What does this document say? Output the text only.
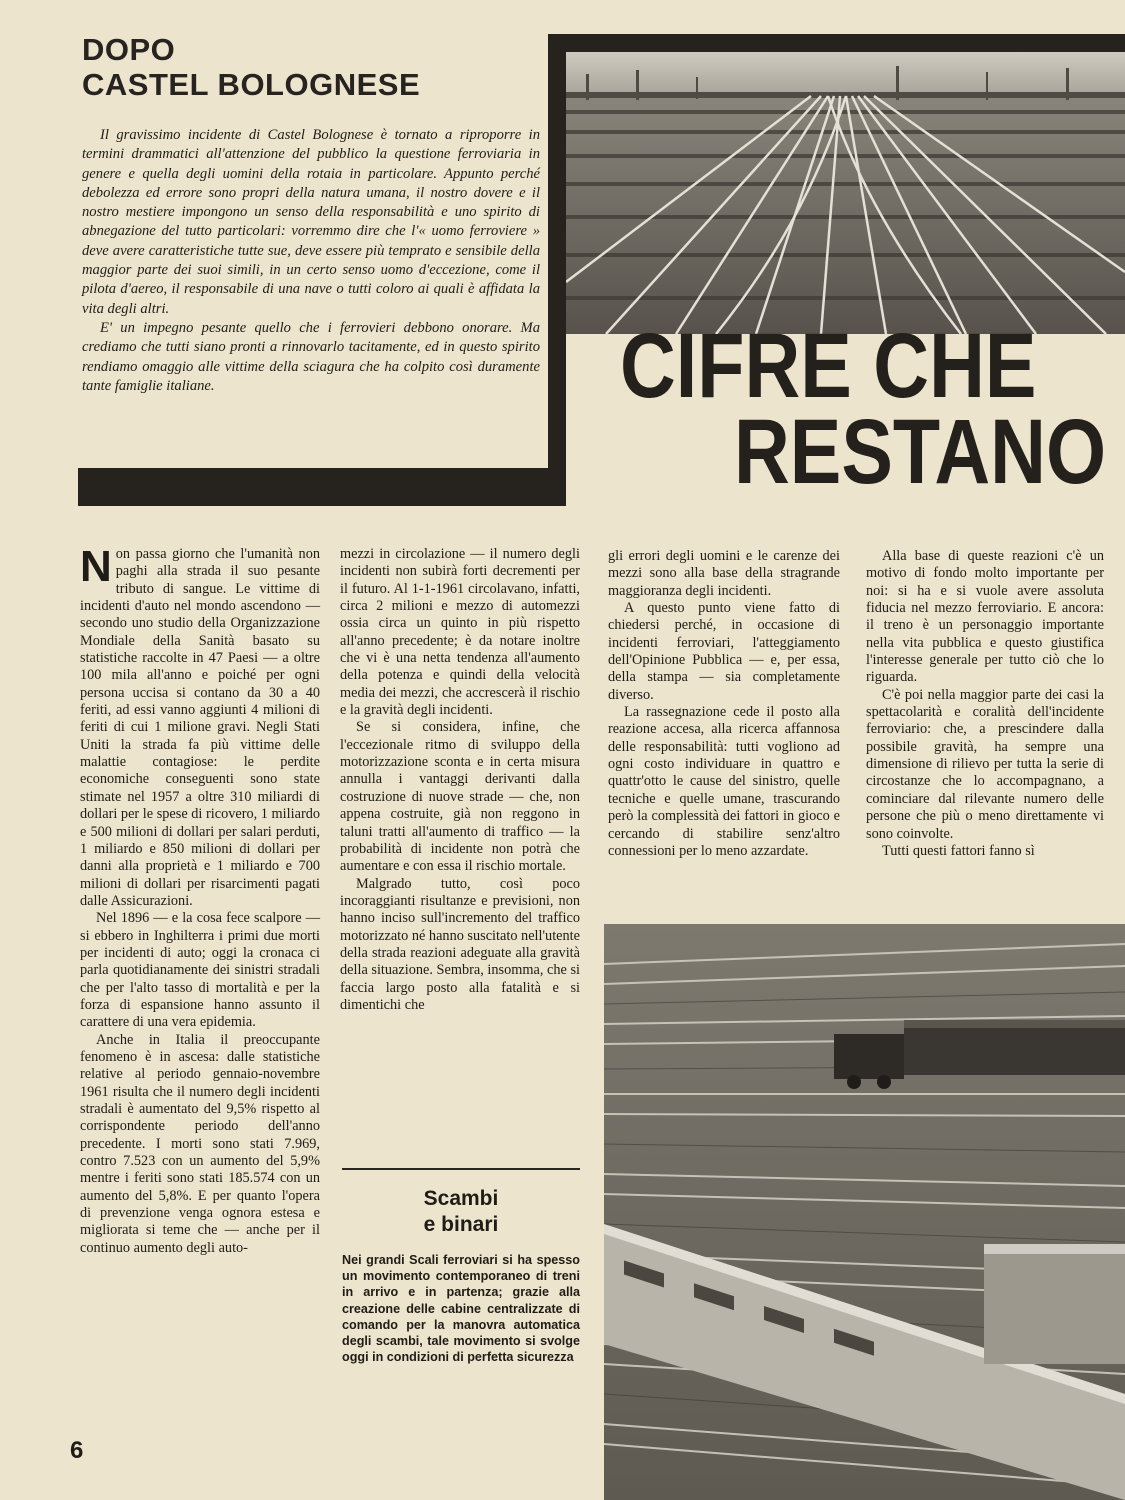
DOPO
CASTEL BOLOGNESE

Il gravissimo incidente di Castel Bolognese è tornato a riproporre in termini drammatici all'attenzione del pubblico la questione ferroviaria in genere e quella degli uomini della rotaia in particolare. Appunto perché debolezza ed errore sono propri della natura umana, il nostro dovere e il nostro mestiere impongono un senso della responsabilità e uno spirito di abnegazione del tutto particolari: vorremmo dire che l'« uomo ferroviere » deve avere caratteristiche tutte sue, deve essere più temprato e sensibile della maggior parte dei suoi simili, in un certo senso uomo d'eccezione, come il pilota d'aereo, il responsabile di una nave o tutti coloro ai quali è affidata la vita degli altri.

E' un impegno pesante quello che i ferrovieri debbono onorare. Ma crediamo che tutti siano pronti a rinnovarlo tacitamente, ed in questo spirito rendiamo omaggio alle vittime della sciagura che ha colpito così duramente tante famiglie italiane.	CIFRE CHE
RESTANO

Non passa giorno che l'umanità non paghi alla strada il suo pesante tributo di sangue. Le vittime di incidenti d'auto nel mondo ascendono — secondo uno studio della Organizzazione Mondiale della Sanità basato su statistiche raccolte in 47 Paesi — a oltre 100 mila all'anno e poiché per ogni persona uccisa si contano da 30 a 40 feriti, ad essi vanno aggiunti 4 milioni di feriti di cui 1 milione gravi. Negli Stati Uniti la strada fa più vittime delle malattie contagiose: le perdite economiche conseguenti sono state stimate nel 1957 a oltre 310 miliardi di dollari per le spese di ricovero, 1 miliardo e 500 milioni di dollari per salari perduti, 1 miliardo e 850 milioni di dollari per danni alla proprietà e 1 miliardo e 700 milioni di dollari per risarcimenti pagati dalle Assicurazioni.

Nel 1896 — e la cosa fece scalpore — si ebbero in Inghilterra i primi due morti per incidenti di auto; oggi la cronaca ci parla quotidianamente dei sinistri stradali che per l'alto tasso di mortalità e per la forza di espansione hanno assunto il carattere di una vera epidemia.

Anche in Italia il preoccupante fenomeno è in ascesa: dalle statistiche relative al periodo gennaio-novembre 1961 risulta che il numero degli incidenti stradali è aumentato del 9,5% rispetto al corrispondente periodo dell'anno precedente. I morti sono stati 7.969, contro 7.523 con un aumento del 5,9% mentre i feriti sono stati 185.574 con un aumento del 5,8%. E per quanto l'opera di prevenzione venga ognora estesa e migliorata si teme che — anche per il continuo aumento degli auto-

mezzi in circolazione — il numero degli incidenti non subirà forti decrementi per il futuro. Al 1-1-1961 circolavano, infatti, circa 2 milioni e mezzo di automezzi ossia circa un quinto in più rispetto all'anno precedente; è da notare inoltre che vi è una netta tendenza all'aumento della potenza e quindi della velocità media dei mezzi, che accrescerà il rischio e la gravità degli incidenti.

Se si considera, infine, che l'eccezionale ritmo di sviluppo della motorizzazione sconta e in certa misura annulla i vantaggi derivanti dalla costruzione di nuove strade — che, non appena costruite, già non reggono in taluni tratti all'aumento di traffico — la probabilità di incidente non potrà che aumentare e con essa il rischio mortale.

Malgrado tutto, così poco incoraggianti risultanze e previsioni, non hanno inciso sull'incremento del traffico motorizzato né hanno suscitato nell'utente della strada reazioni adeguate alla gravità della situazione. Sembra, insomma, che si faccia largo posto alla fatalità e si dimentichi che

gli errori degli uomini e le carenze dei mezzi sono alla base della stragrande maggioranza degli incidenti.

A questo punto viene fatto di chiedersi perché, in occasione di incidenti ferroviari, l'atteggiamento dell'Opinione Pubblica — e, per essa, della stampa — sia completamente diverso.

La rassegnazione cede il posto alla reazione accesa, alla ricerca affannosa delle responsabilità: tutti vogliono ad ogni costo individuare in quattro e quattr'otto le cause del sinistro, quelle tecniche e quelle umane, trascurando però la complessità dei fattori in gioco e cercando di stabilire senz'altro connessioni per lo meno azzardate.

Alla base di queste reazioni c'è un motivo di fondo molto importante per noi: si ha e si vuole avere assoluta fiducia nel mezzo ferroviario. E ancora: il treno è un personaggio importante nella vita pubblica e questo giustifica l'interesse generale per tutto ciò che lo riguarda.

C'è poi nella maggior parte dei casi la spettacolarità e coralità dell'incidente ferroviario: che, a prescindere dalla possibile gravità, ha sempre una dimensione di rilievo per tutta la serie di circostanze che lo accompagnano, a cominciare dal rilevante numero delle persone che più o meno direttamente vi sono coinvolte.

Tutti questi fattori fanno sì

Scambi
e binari
Nei grandi Scali ferroviari si ha spesso un movimento contemporaneo di treni in arrivo e in partenza; grazie alla creazione delle cabine centralizzate di comando per la manovra automatica degli scambi, tale movimento si svolge oggi in condizioni di perfetta sicurezza
6
